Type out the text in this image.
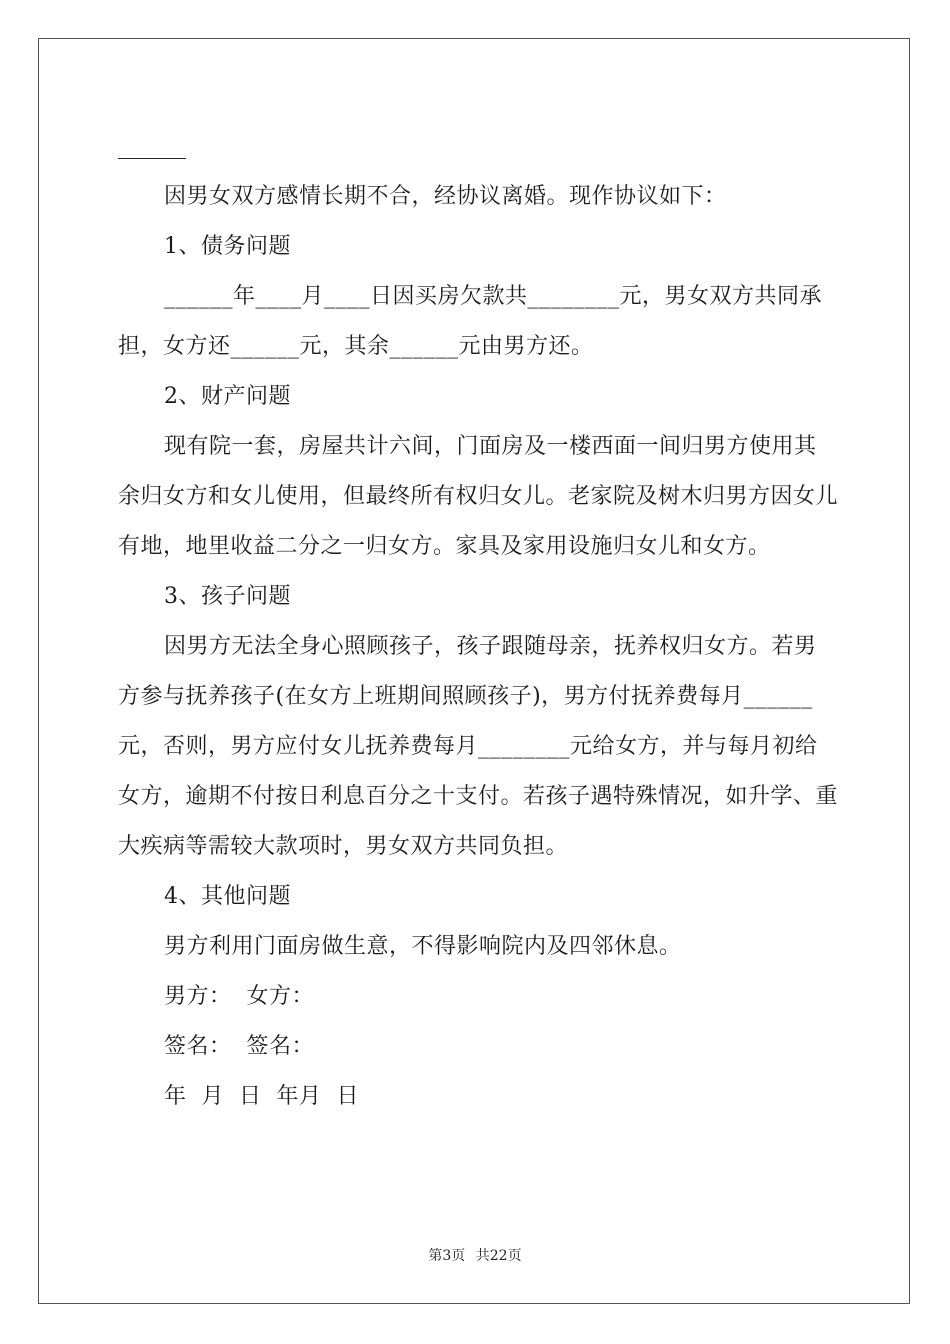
因男女双方感情长期不合，经协议离婚。现作协议如下：

1、债务问题

______年____月____日因买房欠款共________元，男女双方共同承担，女方还______元，其余______元由男方还。

2、财产问题

现有院一套，房屋共计六间，门面房及一楼西面一间归男方使用其余归女方和女儿使用，但最终所有权归女儿。老家院及树木归男方因女儿有地，地里收益二分之一归女方。家具及家用设施归女儿和女方。

3、孩子问题

因男方无法全身心照顾孩子，孩子跟随母亲，抚养权归女方。若男方参与抚养孩子(在女方上班期间照顾孩子)，男方付抚养费每月______元，否则，男方应付女儿抚养费每月________元给女方，并与每月初给女方，逾期不付按日利息百分之十支付。若孩子遇特殊情况，如升学、重大疾病等需较大款项时，男女双方共同负担。

4、其他问题

男方利用门面房做生意，不得影响院内及四邻休息。

男方：  女方：

签名：  签名：

年  月  日  年月  日

第3页 共22页
